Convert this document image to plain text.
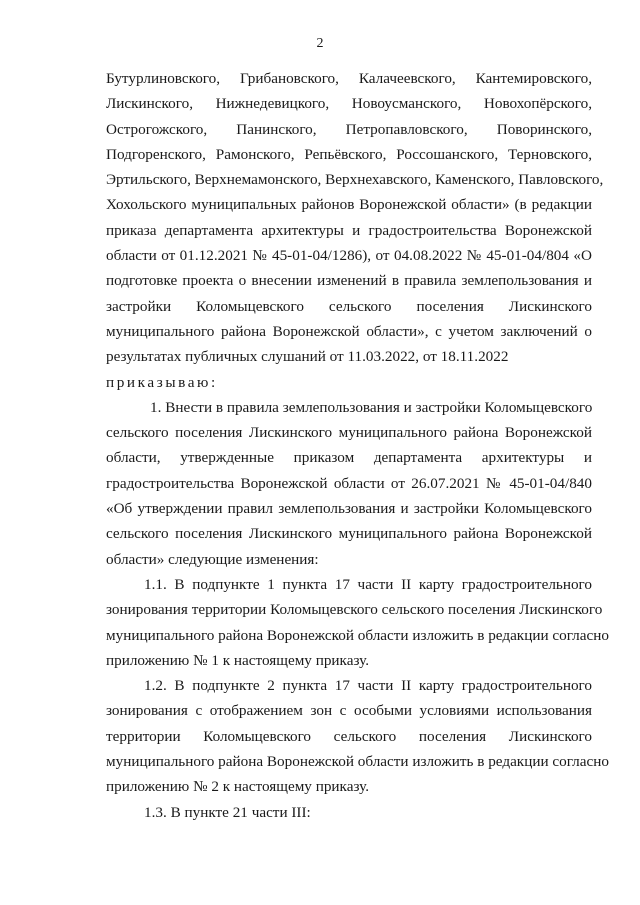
2
Бутурлиновского, Грибановского, Калачеевского, Кантемировского,
Лискинского, Нижнедевицкого, Новоусманского, Новохопёрского,
Острогожского, Панинского, Петропавловского, Поворинского,
Подгоренского, Рамонского, Репьёвского, Россошанского, Терновского,
Эртильского, Верхнемамонского, Верхнехавского, Каменского, Павловского,
Хохольского муниципальных районов Воронежской области» (в редакции
приказа департамента архитектуры и градостроительства Воронежской
области от 01.12.2021 № 45-01-04/1286), от 04.08.2022 № 45-01-04/804 «О
подготовке проекта о внесении изменений в правила землепользования и
застройки Коломыцевского сельского поселения Лискинского
муниципального района Воронежской области», с учетом заключений о
результатах публичных слушаний от 11.03.2022, от 18.11.2022
приказываю:
1. Внести в правила землепользования и застройки Коломыцевского
сельского поселения Лискинского муниципального района Воронежской
области, утвержденные приказом департамента архитектуры и
градостроительства Воронежской области от 26.07.2021 № 45-01-04/840
«Об утверждении правил землепользования и застройки Коломыцевского
сельского поселения Лискинского муниципального района Воронежской
области» следующие изменения:
1.1. В подпункте 1 пункта 17 части II карту градостроительного
зонирования территории Коломыцевского сельского поселения Лискинского
муниципального района Воронежской области изложить в редакции согласно
приложению № 1 к настоящему приказу.
1.2. В подпункте 2 пункта 17 части II карту градостроительного
зонирования с отображением зон с особыми условиями использования
территории Коломыцевского сельского поселения Лискинского
муниципального района Воронежской области изложить в редакции согласно
приложению № 2 к настоящему приказу.
1.3. В пункте 21 части III:
